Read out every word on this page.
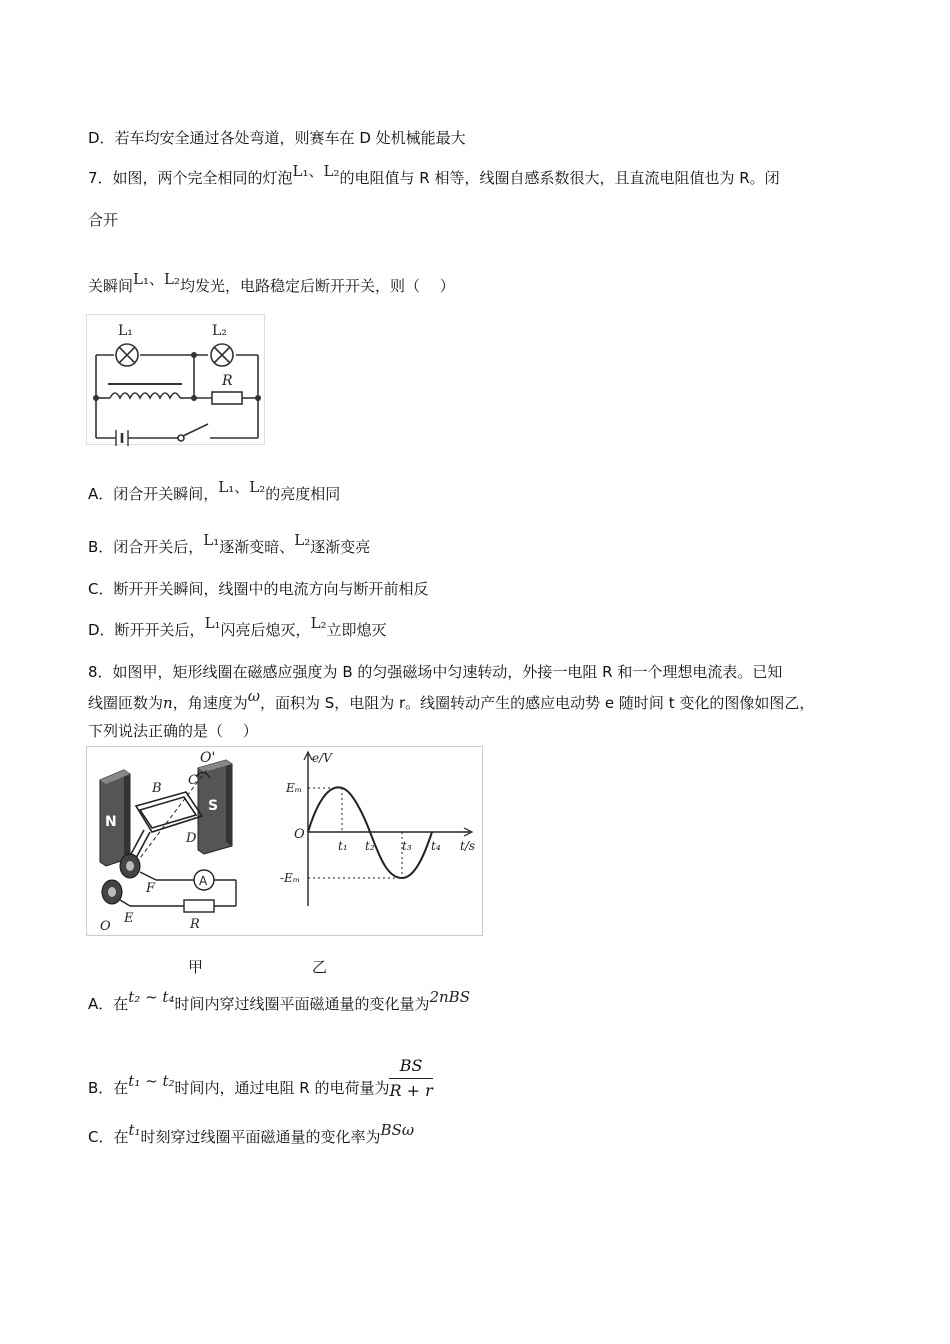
D．若车均安全通过各处弯道，则赛车在 D 处机械能最大
7．如图，两个完全相同的灯泡L₁、L₂的电阻值与 R 相等，线圈自感系数很大，且直流电阻值也为 R。闭
合开
关瞬间L₁、L₂均发光，电路稳定后断开开关，则（　 ）
L₁	L₂
R
A．闭合开关瞬间，L₁、L₂的亮度相同
B．闭合开关后，L₁逐渐变暗、L₂逐渐变亮
C．断开开关瞬间，线圈中的电流方向与断开前相反
D．断开开关后，L₁闪亮后熄灭，L₂立即熄灭
8．如图甲，矩形线圈在磁感应强度为 B 的匀强磁场中匀速转动，外接一电阻 R 和一个理想电流表。已知
线圈匝数为n，角速度为ω，面积为 S，电阻为 r。线圈转动产生的感应电动势 e 随时间 t 变化的图像如图乙，
下列说法正确的是（　 ）
N
S
O'
C
B
D
A
F
O
E	R
e/V
Eₘ
-Eₘ
O
t/s
t₁ t₂ t₃ t₄
甲	乙
A．在t₂ ~ t₄时间内穿过线圈平面磁通量的变化量为2nBS
B．在t₁ ~ t₂时间内，通过电阻 R 的电荷量为 $\frac{BS}{R + r}$
C．在t₁时刻穿过线圈平面磁通量的变化率为BSω
